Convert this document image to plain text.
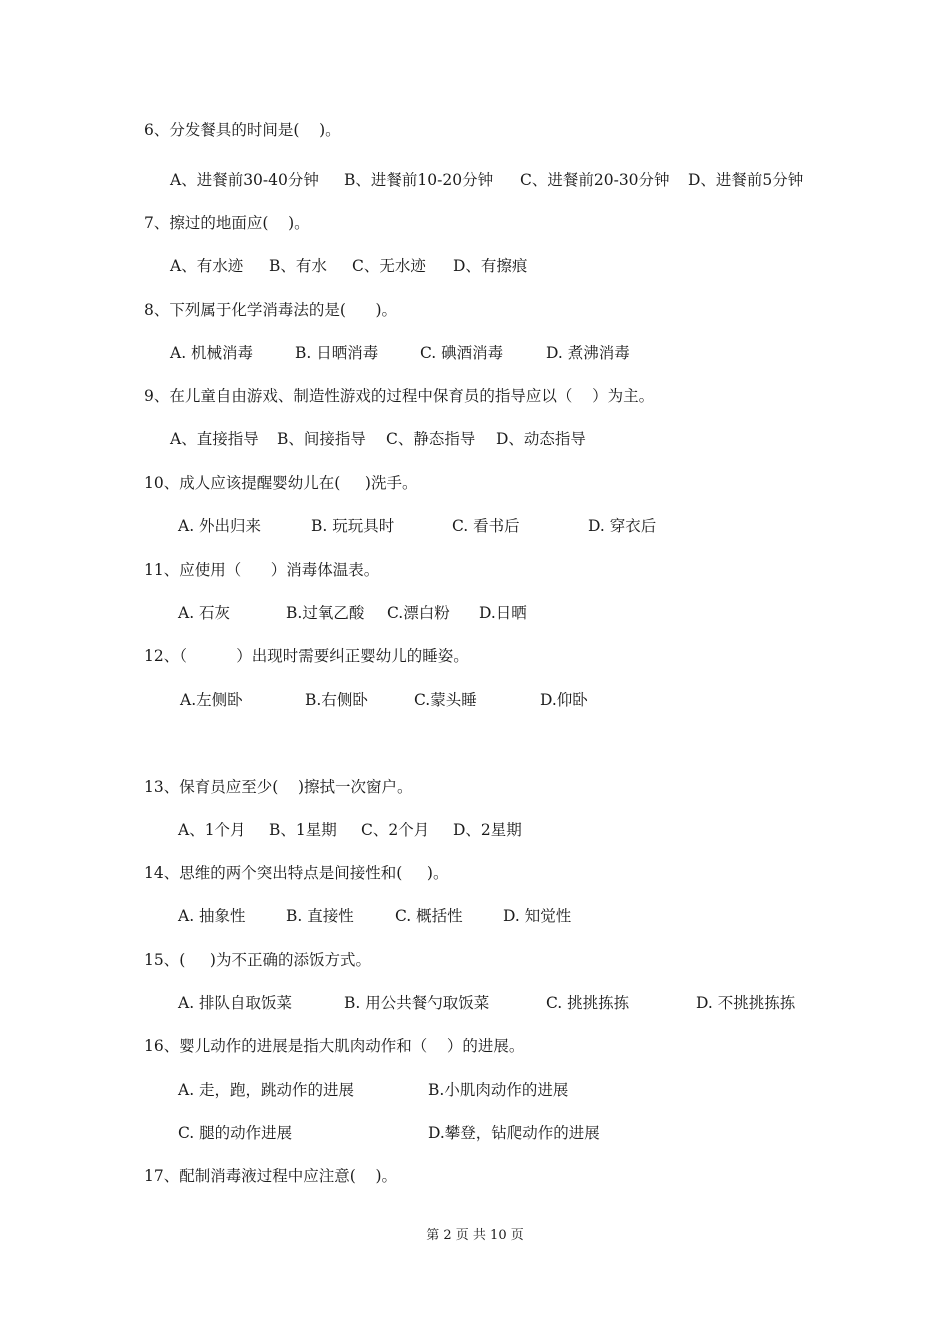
6、分发餐具的时间是(    )。

A、进餐前30-40分钟

B、进餐前10-20分钟

C、进餐前20-30分钟

D、进餐前5分钟

7、擦过的地面应(    )。

A、有水迹

B、有水

C、无水迹

D、有擦痕

8、下列属于化学消毒法的是(      )。

A. 机械消毒

	B. 日晒消毒

	C. 碘酒消毒

	D. 煮沸消毒

9、在儿童自由游戏、制造性游戏的过程中保育员的指导应以（    ）为主。

A、直接指导

B、间接指导

C、静态指导

D、动态指导

10、成人应该提醒婴幼儿在(     )洗手。

A. 外出归来

	B. 玩玩具时

	C. 看书后

	D. 穿衣后

11、应使用（      ）消毒体温表。

A. 石灰

	B.过氧乙酸

C.漂白粉

D.日晒

12、（          ）出现时需要纠正婴幼儿的睡姿。

A.左侧卧

	B.右侧卧

	C.蒙头睡

	D.仰卧

13、保育员应至少(    )擦拭一次窗户。

A、1个月

B、1星期

C、2个月

D、2星期

14、思维的两个突出特点是间接性和(     )。

A. 抽象性

	B. 直接性

	C. 概括性

	D. 知觉性

15、(     )为不正确的添饭方式。

A. 排队自取饭菜

	B. 用公共餐勺取饭菜

	C. 挑挑拣拣

	D. 不挑挑拣拣

16、婴儿动作的进展是指大肌肉动作和（    ）的进展。

A. 走，跑，跳动作的进展

	B.小肌肉动作的进展

C. 腿的动作进展

	D.攀登，钻爬动作的进展

17、配制消毒液过程中应注意(    )。

第 2 页 共 10 页
